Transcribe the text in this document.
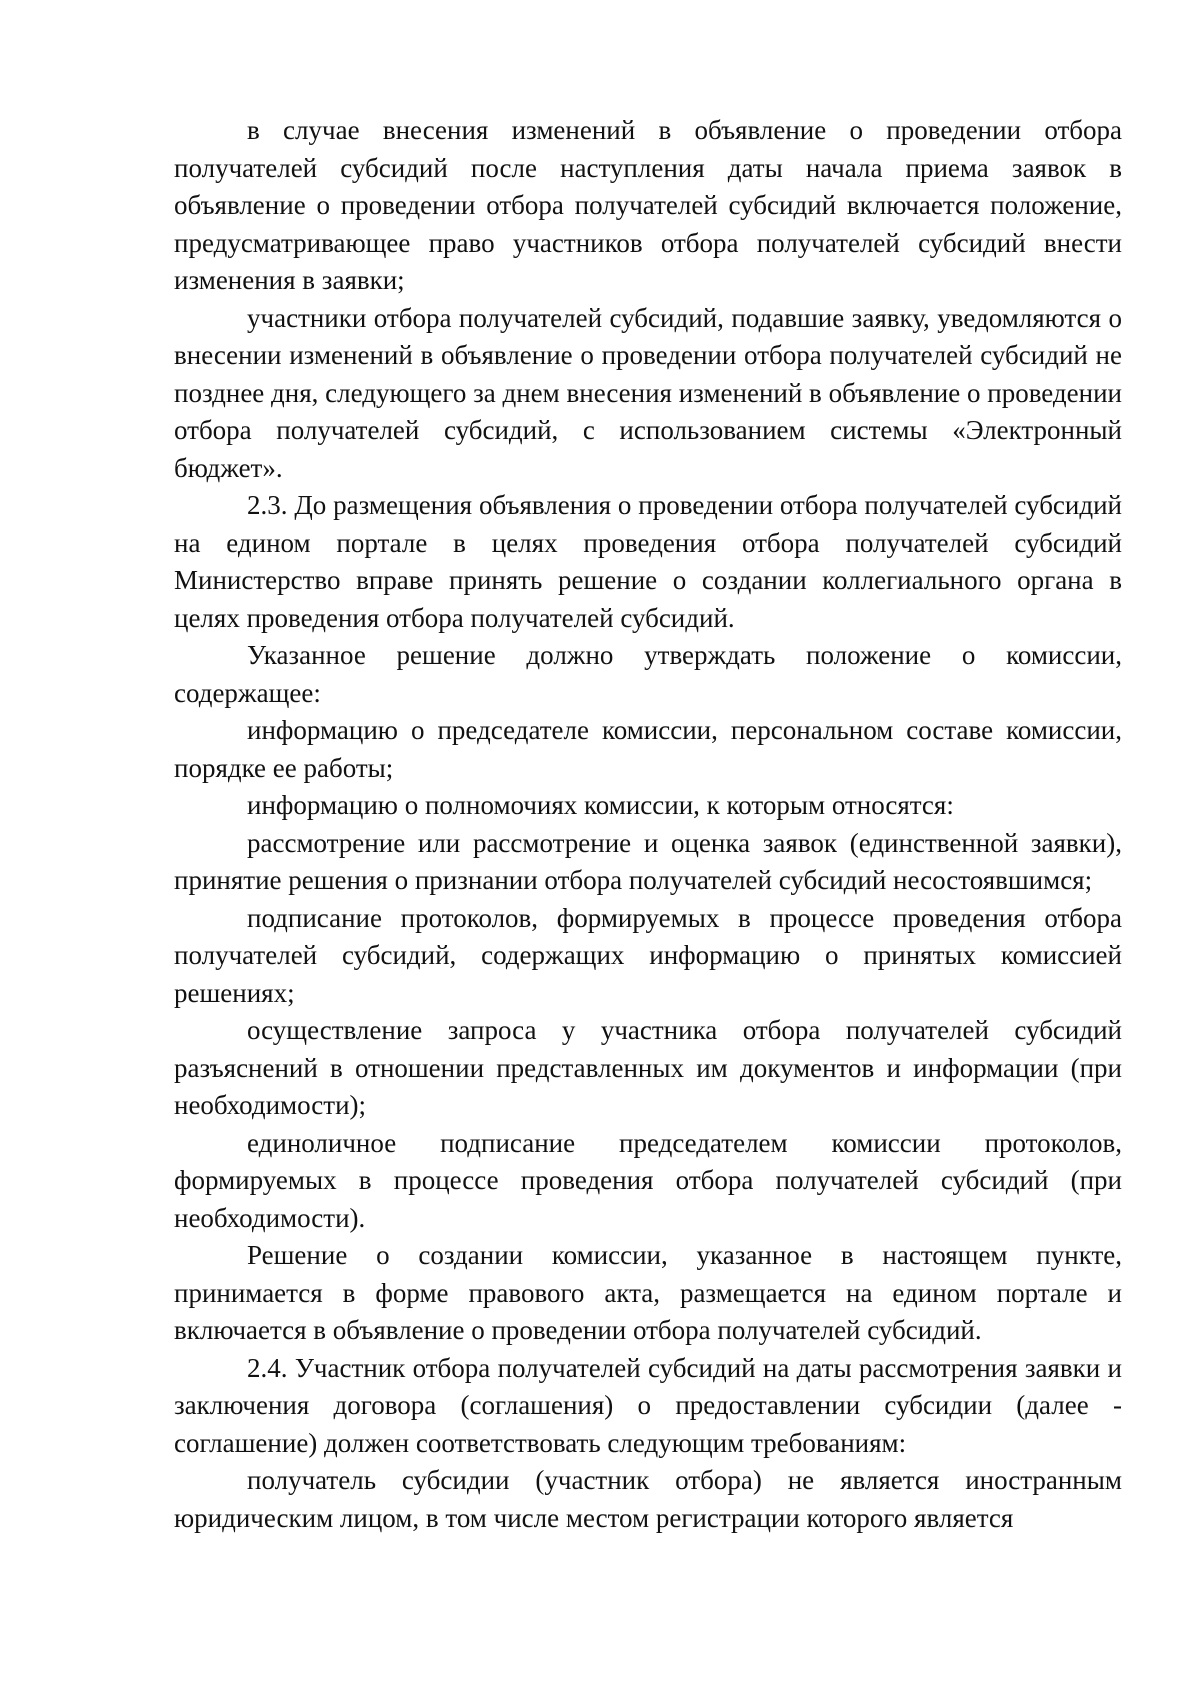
в случае внесения изменений в объявление о проведении отбора получателей субсидий после наступления даты начала приема заявок в объявление о проведении отбора получателей субсидий включается положение, предусматривающее право участников отбора получателей субсидий внести изменения в заявки;

участники отбора получателей субсидий, подавшие заявку, уведомляются о внесении изменений в объявление о проведении отбора получателей субсидий не позднее дня, следующего за днем внесения изменений в объявление о проведении отбора получателей субсидий, с использованием системы «Электронный бюджет».

2.3. До размещения объявления о проведении отбора получателей субсидий на едином портале в целях проведения отбора получателей субсидий Министерство вправе принять решение о создании коллегиального органа в целях проведения отбора получателей субсидий.

Указанное решение должно утверждать положение о комиссии, содержащее:

информацию о председателе комиссии, персональном составе комиссии, порядке ее работы;

информацию о полномочиях комиссии, к которым относятся:

рассмотрение или рассмотрение и оценка заявок (единственной заявки), принятие решения о признании отбора получателей субсидий несостоявшимся;

подписание протоколов, формируемых в процессе проведения отбора получателей субсидий, содержащих информацию о принятых комиссией решениях;

осуществление запроса у участника отбора получателей субсидий разъяснений в отношении представленных им документов и информации (при необходимости);

единоличное подписание председателем комиссии протоколов, формируемых в процессе проведения отбора получателей субсидий (при необходимости).

Решение о создании комиссии, указанное в настоящем пункте, принимается в форме правового акта, размещается на едином портале и включается в объявление о проведении отбора получателей субсидий.

2.4. Участник отбора получателей субсидий на даты рассмотрения заявки и заключения договора (соглашения) о предоставлении субсидии (далее - соглашение) должен соответствовать следующим требованиям:

получатель субсидии (участник отбора) не является иностранным юридическим лицом, в том числе местом регистрации которого является
